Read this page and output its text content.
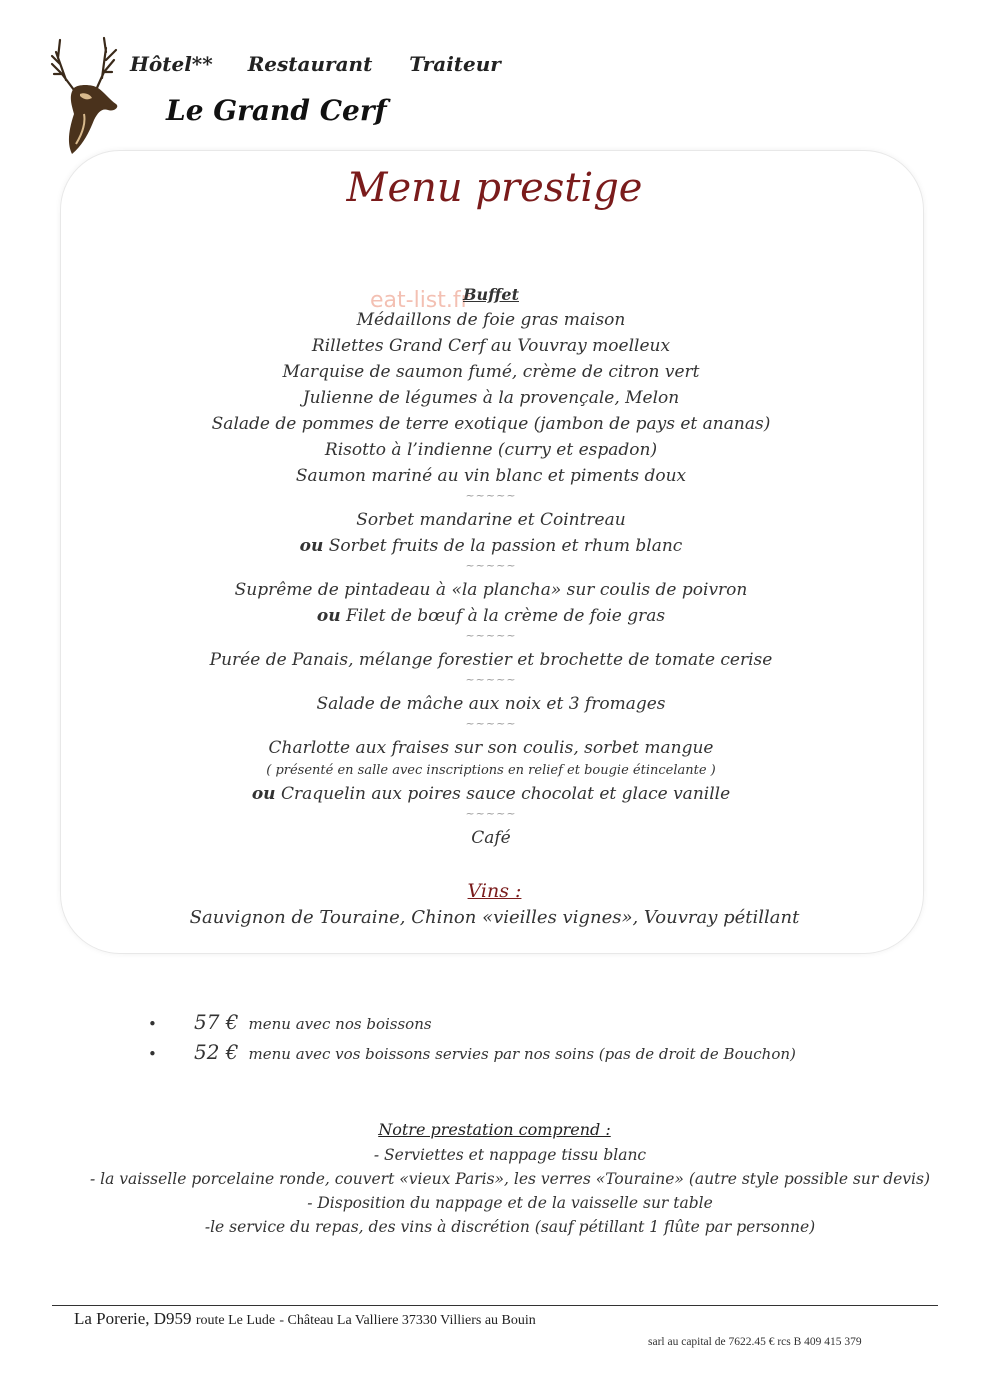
Hôtel** Restaurant Traiteur
Le Grand Cerf
Menu prestige
eat-list.fr
Buffet
Médaillons de foie gras maison
Rillettes Grand Cerf au Vouvray moelleux
Marquise de saumon fumé, crème de citron vert
Julienne de légumes à la provençale, Melon
Salade de pommes de terre exotique (jambon de pays et ananas)
Risotto à l’indienne (curry et espadon)
Saumon mariné au vin blanc et piments doux
~~~~~
Sorbet mandarine et Cointreau
ou Sorbet fruits de la passion et rhum blanc
~~~~~
Suprême de pintadeau à «la plancha» sur coulis de poivron
ou Filet de bœuf à la crème de foie gras
~~~~~
Purée de Panais, mélange forestier et brochette de tomate cerise
~~~~~
Salade de mâche aux noix et 3 fromages
~~~~~
Charlotte aux fraises sur son coulis, sorbet mangue
( présenté en salle avec inscriptions en relief et bougie étincelante )
ou Craquelin aux poires sauce chocolat et glace vanille
~~~~~
Café
Vins :
Sauvignon de Touraine, Chinon «vieilles vignes», Vouvray pétillant
• 57 € menu avec nos boissons
• 52 € menu avec vos boissons servies par nos soins (pas de droit de Bouchon)
Notre prestation comprend :
- Serviettes et nappage tissu blanc
- la vaisselle porcelaine ronde, couvert «vieux Paris», les verres «Touraine» (autre style possible sur devis)
- Disposition du nappage et de la vaisselle sur table
-le service du repas, des vins à discrétion (sauf pétillant 1 flûte par personne)
La Porerie, D959 route Le Lude - Château La Valliere 37330 Villiers au Bouin
sarl au capital de 7622.45 € rcs B 409 415 379
